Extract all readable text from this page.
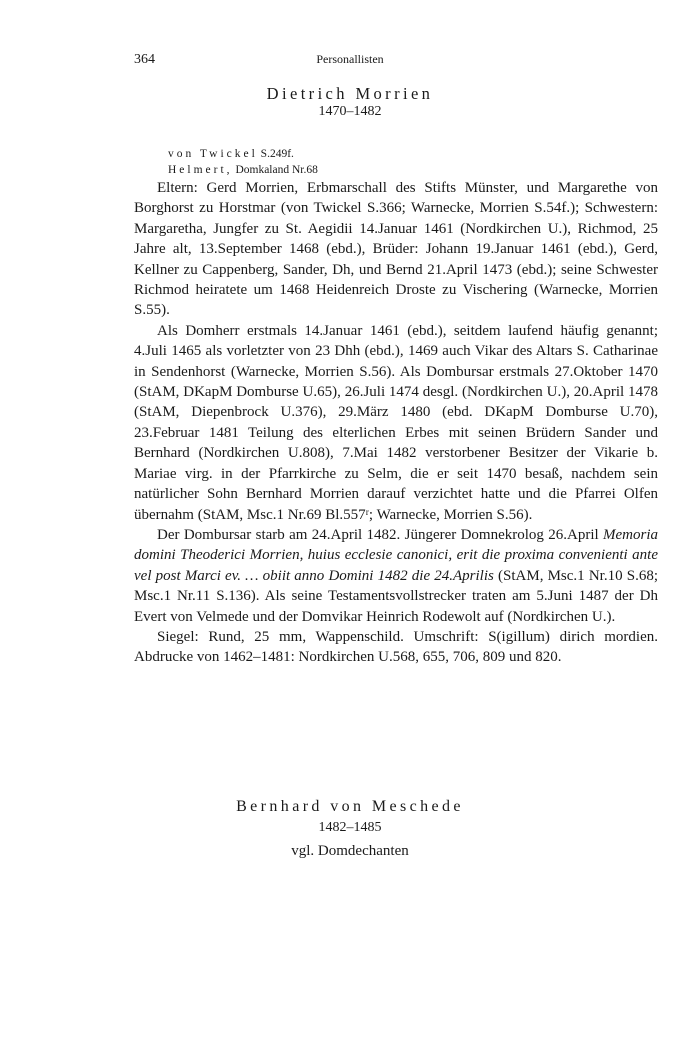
364	Personallisten
Dietrich Morrien
1470–1482
von Twickel S.249f.
Helmert, Domkaland Nr.68

Eltern: Gerd Morrien, Erbmarschall des Stifts Münster, und Margarethe von Borghorst zu Horstmar (von Twickel S.366; Warnecke, Morrien S.54f.); Schwestern: Margaretha, Jungfer zu St. Aegidii 14.Januar 1461 (Nordkirchen U.), Richmod, 25 Jahre alt, 13.September 1468 (ebd.), Brüder: Johann 19.Januar 1461 (ebd.), Gerd, Kellner zu Cappenberg, Sander, Dh, und Bernd 21.April 1473 (ebd.); seine Schwester Richmod heiratete um 1468 Heidenreich Droste zu Vischering (Warnecke, Morrien S.55).

Als Domherr erstmals 14.Januar 1461 (ebd.), seitdem laufend häufig genannt; 4.Juli 1465 als vorletzter von 23 Dhh (ebd.), 1469 auch Vikar des Altars S. Catharinae in Sendenhorst (Warnecke, Morrien S.56). Als Dombursar erstmals 27.Oktober 1470 (StAM, DKapM Domburse U.65), 26.Juli 1474 desgl. (Nordkirchen U.), 20.April 1478 (StAM, Diepenbrock U.376), 29.März 1480 (ebd. DKapM Domburse U.70), 23.Februar 1481 Teilung des elterlichen Erbes mit seinen Brüdern Sander und Bernhard (Nordkirchen U.808), 7.Mai 1482 verstorbener Besitzer der Vikarie b. Mariae virg. in der Pfarrkirche zu Selm, die er seit 1470 besaß, nachdem sein natürlicher Sohn Bernhard Morrien darauf verzichtet hatte und die Pfarrei Olfen übernahm (StAM, Msc.1 Nr.69 Bl.557ʳ; Warnecke, Morrien S.56).

Der Dombursar starb am 24.April 1482. Jüngerer Domnekrolog 26.April Memoria domini Theoderici Morrien, huius ecclesie canonici, erit die proxima convenienti ante vel post Marci ev. … obiit anno Domini 1482 die 24.Aprilis (StAM, Msc.1 Nr.10 S.68; Msc.1 Nr.11 S.136). Als seine Testamentsvollstrecker traten am 5.Juni 1487 der Dh Evert von Velmede und der Domvikar Heinrich Rodewolt auf (Nordkirchen U.).

Siegel: Rund, 25 mm, Wappenschild. Umschrift: S(igillum) dirich mordien. Abdrucke von 1462–1481: Nordkirchen U.568, 655, 706, 809 und 820.

Bernhard von Meschede
1482–1485
vgl. Domdechanten
